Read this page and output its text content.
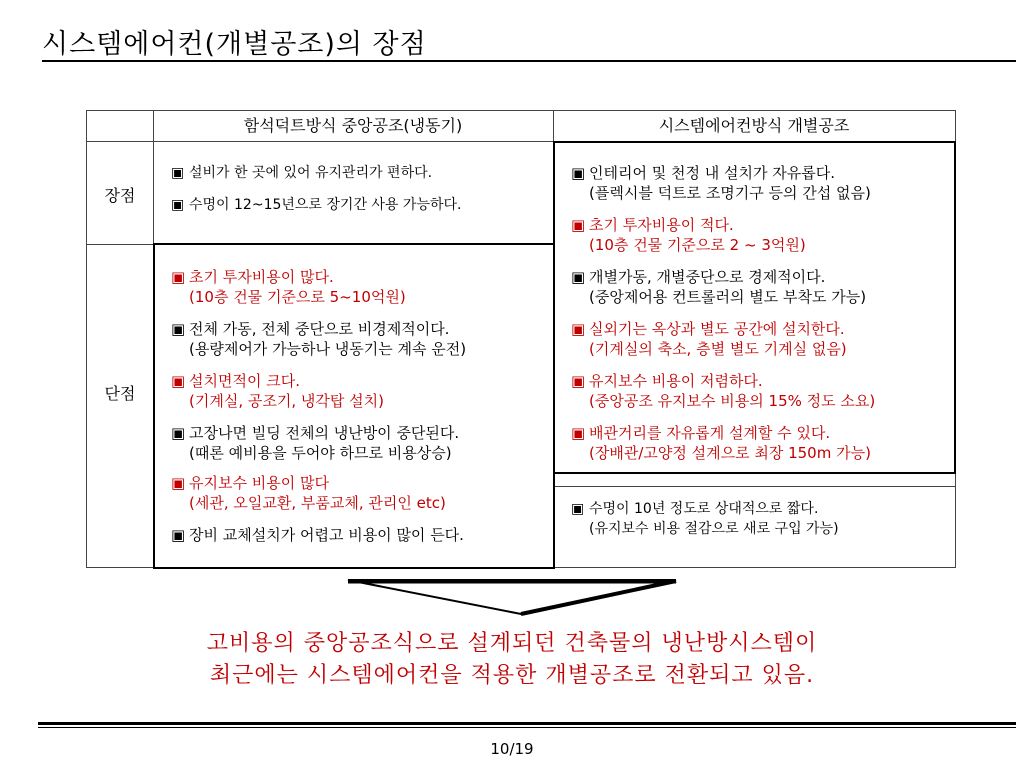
시스템에어컨(개별공조)의 장점
함석덕트방식 중앙공조(냉동기)	시스템에어컨방식 개별공조
장점
단점
▣ 설비가 한 곳에 있어 유지관리가 편하다.
▣ 수명이 12~15년으로 장기간 사용 가능하다.
▣ 초기 투자비용이 많다.
(10층 건물 기준으로 5~10억원)
▣ 전체 가동, 전체 중단으로 비경제적이다.
(용량제어가 가능하나 냉동기는 계속 운전)
▣ 설치면적이 크다.
(기계실, 공조기, 냉각탑 설치)
▣ 고장나면 빌딩 전체의 냉난방이 중단된다.
(때론 예비용을 두어야 하므로 비용상승)
▣ 유지보수 비용이 많다
(세관, 오일교환, 부품교체, 관리인 etc)
▣ 장비 교체설치가 어렵고 비용이 많이 든다.
▣ 인테리어 및 천정 내 설치가 자유롭다.
(플렉시블 덕트로 조명기구 등의 간섭 없음)
▣ 초기 투자비용이 적다.
(10층 건물 기준으로 2 ~ 3억원)
▣ 개별가동, 개별중단으로 경제적이다.
(중앙제어용 컨트롤러의 별도 부착도 가능)
▣ 실외기는 옥상과 별도 공간에 설치한다.
(기계실의 축소, 층별 별도 기계실 없음)
▣ 유지보수 비용이 저렴하다.
(중앙공조 유지보수 비용의 15% 정도 소요)
▣ 배관거리를 자유롭게 설계할 수 있다.
(장배관/고양정 설계으로 최장 150m 가능)
▣ 수명이 10년 정도로 상대적으로 짧다.
(유지보수 비용 절감으로 새로 구입 가능)
고비용의 중앙공조식으로 설계되던 건축물의 냉난방시스템이
최근에는 시스템에어컨을 적용한 개별공조로 전환되고 있음.
10/19
